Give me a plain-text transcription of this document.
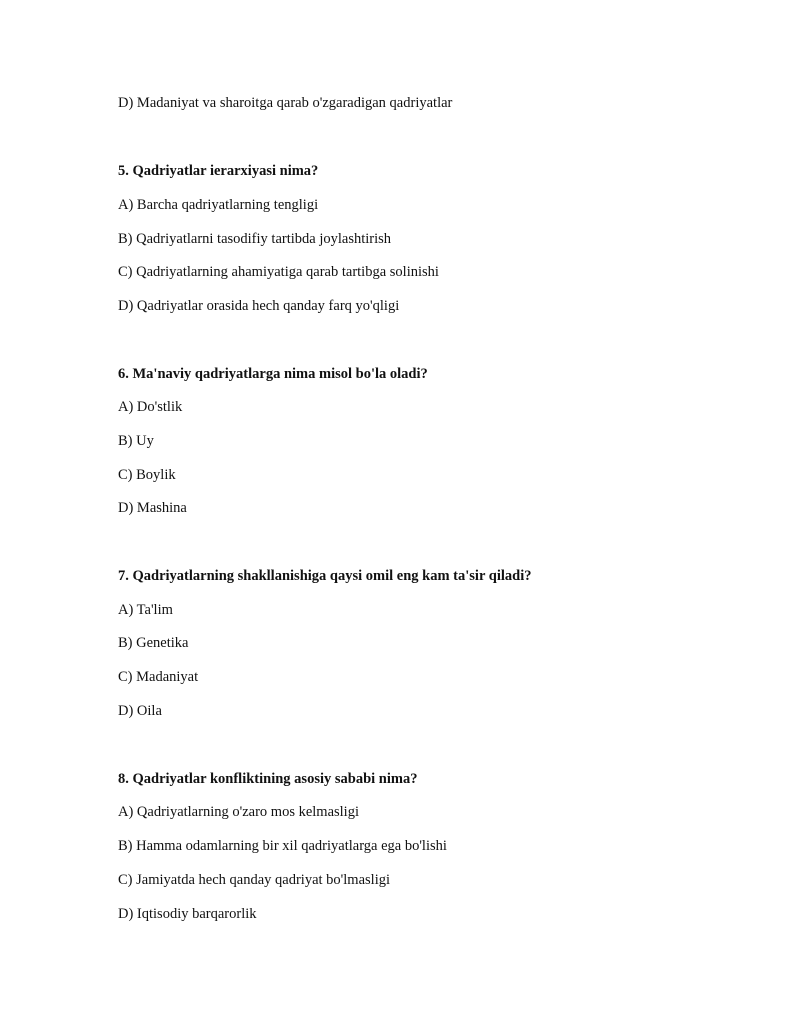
D) Madaniyat va sharoitga qarab o'zgaradigan qadriyatlar
5. Qadriyatlar ierarxiyasi nima?
A) Barcha qadriyatlarning tengligi
B) Qadriyatlarni tasodifiy tartibda joylashtirish
C) Qadriyatlarning ahamiyatiga qarab tartibga solinishi
D) Qadriyatlar orasida hech qanday farq yo'qligi
6. Ma'naviy qadriyatlarga nima misol bo'la oladi?
A) Do'stlik
B) Uy
C) Boylik
D) Mashina
7. Qadriyatlarning shakllanishiga qaysi omil eng kam ta'sir qiladi?
A) Ta'lim
B) Genetika
C) Madaniyat
D) Oila
8. Qadriyatlar konfliktining asosiy sababi nima?
A) Qadriyatlarning o'zaro mos kelmasligi
B) Hamma odamlarning bir xil qadriyatlarga ega bo'lishi
C) Jamiyatda hech qanday qadriyat bo'lmasligi
D) Iqtisodiy barqarorlik
